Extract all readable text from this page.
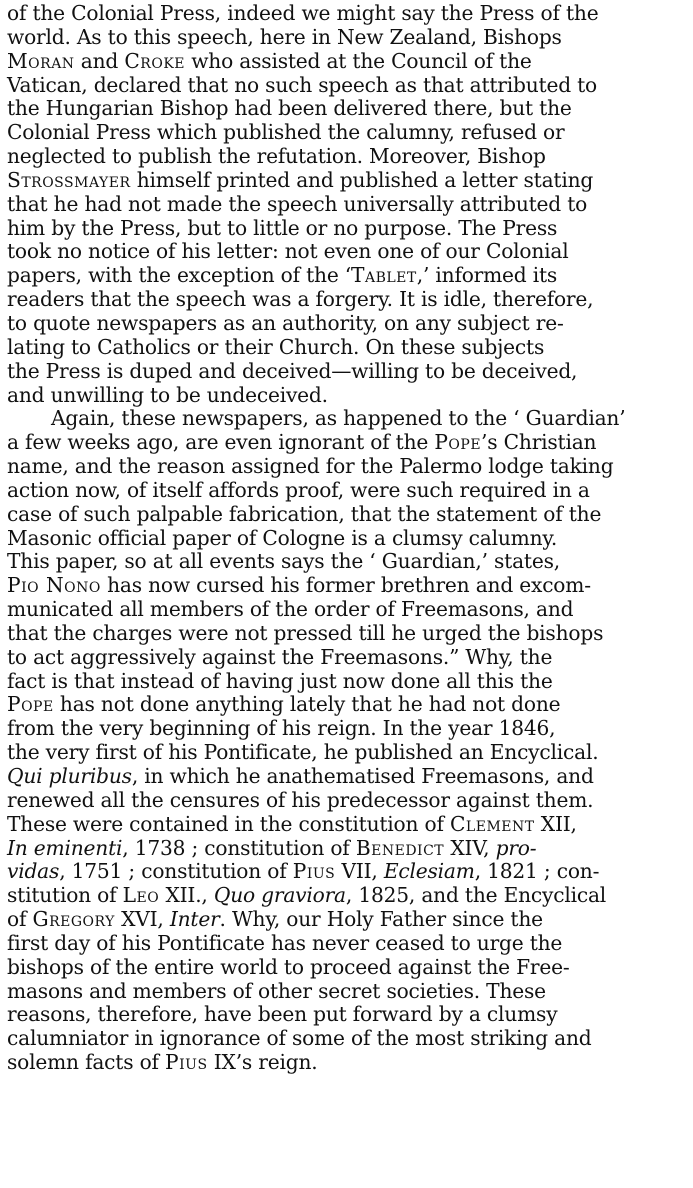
of the Colonial Press, indeed we might say the Press of the
world. As to this speech, here in New Zealand, Bishops
Moran and Croke who assisted at the Council of the
Vatican, declared that no such speech as that attributed to
the Hungarian Bishop had been delivered there, but the
Colonial Press which published the calumny, refused or
neglected to publish the refutation. Moreover, Bishop
Strossmayer himself printed and published a letter stating
that he had not made the speech universally attributed to
him by the Press, but to little or no purpose. The Press
took no notice of his letter: not even one of our Colonial
papers, with the exception of the ‘Tablet,’ informed its
readers that the speech was a forgery. It is idle, therefore,
to quote newspapers as an authority, on any subject re-
lating to Catholics or their Church. On these subjects
the Press is duped and deceived—willing to be deceived,
and unwilling to be undeceived.
Again, these newspapers, as happened to the ‘ Guardian’
a few weeks ago, are even ignorant of the Pope’s Christian
name, and the reason assigned for the Palermo lodge taking
action now, of itself affords proof, were such required in a
case of such palpable fabrication, that the statement of the
Masonic official paper of Cologne is a clumsy calumny.
This paper, so at all events says the ‘ Guardian,’ states,
Pio Nono has now cursed his former brethren and excom-
municated all members of the order of Freemasons, and
that the charges were not pressed till he urged the bishops
to act aggressively against the Freemasons.” Why, the
fact is that instead of having just now done all this the
Pope has not done anything lately that he had not done
from the very beginning of his reign. In the year 1846,
the very first of his Pontificate, he published an Encyclical.
Qui pluribus, in which he anathematised Freemasons, and
renewed all the censures of his predecessor against them.
These were contained in the constitution of Clement XII,
In eminenti, 1738 ; constitution of Benedict XIV, pro-
vidas, 1751 ; constitution of Pius VII, Eclesiam, 1821 ; con-
stitution of Leo XII., Quo graviora, 1825, and the Encyclical
of Gregory XVI, Inter. Why, our Holy Father since the
first day of his Pontificate has never ceased to urge the
bishops of the entire world to proceed against the Free-
masons and members of other secret societies. These
reasons, therefore, have been put forward by a clumsy
calumniator in ignorance of some of the most striking and
solemn facts of Pius IX’s reign.
